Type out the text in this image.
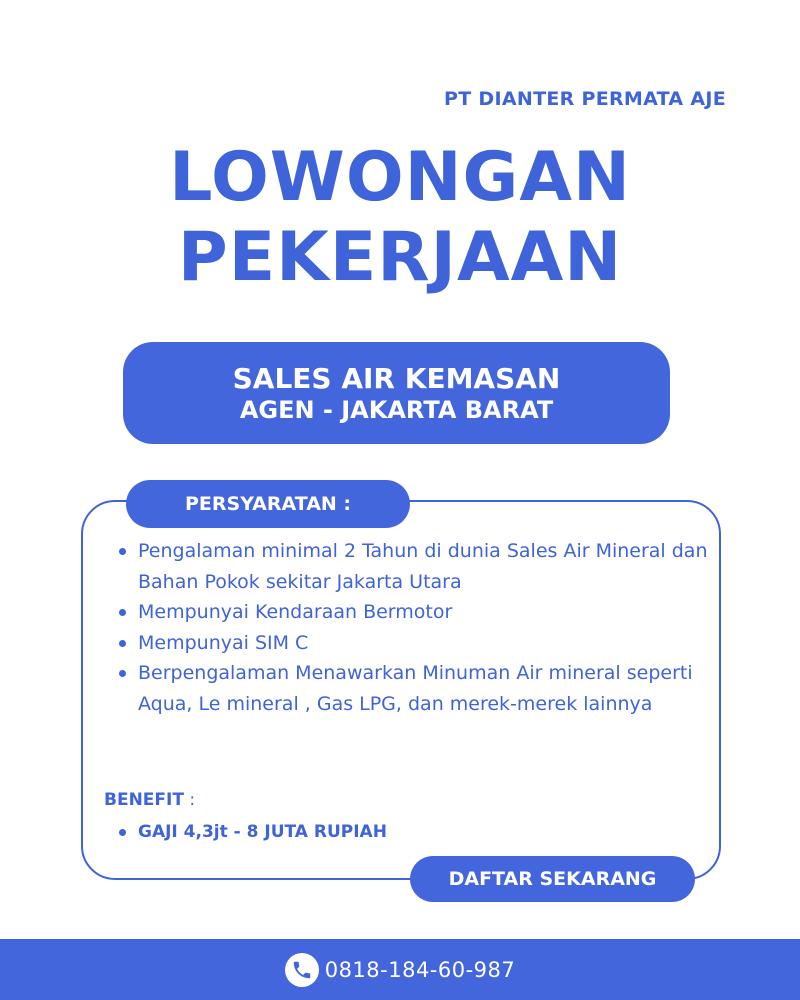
PT DIANTER PERMATA AJE
LOWONGAN
PEKERJAAN
SALES AIR KEMASAN
AGEN - JAKARTA BARAT
PERSYARATAN :
Pengalaman minimal 2 Tahun di dunia Sales Air Mineral dan Bahan Pokok sekitar Jakarta Utara
Mempunyai Kendaraan Bermotor
Mempunyai SIM C
Berpengalaman Menawarkan Minuman Air mineral seperti Aqua, Le mineral , Gas LPG, dan merek-merek lainnya
BENEFIT :
GAJI 4,3jt - 8 JUTA RUPIAH
DAFTAR SEKARANG
0818-184-60-987
